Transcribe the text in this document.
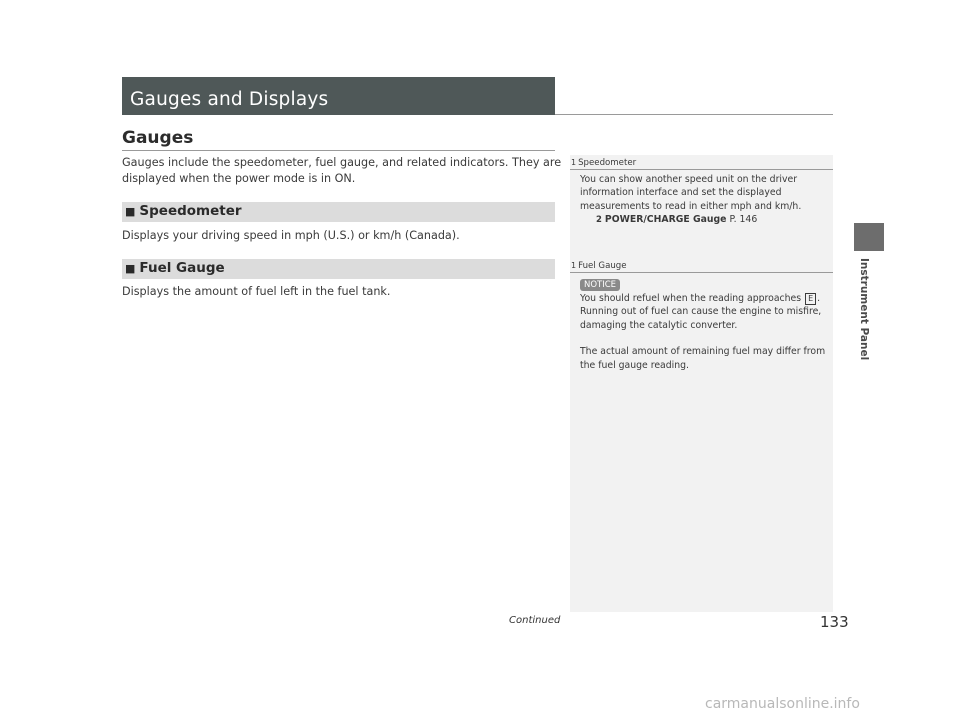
Gauges and Displays
Gauges
Gauges include the speedometer, fuel gauge, and related indicators. They are
displayed when the power mode is in ON.
■ Speedometer
Displays your driving speed in mph (U.S.) or km/h (Canada).
■ Fuel Gauge
Displays the amount of fuel left in the fuel tank.
1 Speedometer
You can show another speed unit on the driver
information interface and set the displayed
measurements to read in either mph and km/h.
2 POWER/CHARGE Gauge P. 146
1 Fuel Gauge
NOTICE
You should refuel when the reading approaches E .
Running out of fuel can cause the engine to misfire,
damaging the catalytic converter.
The actual amount of remaining fuel may differ from
the fuel gauge reading.
Instrument Panel
Continued	133
carmanualsonline.info
